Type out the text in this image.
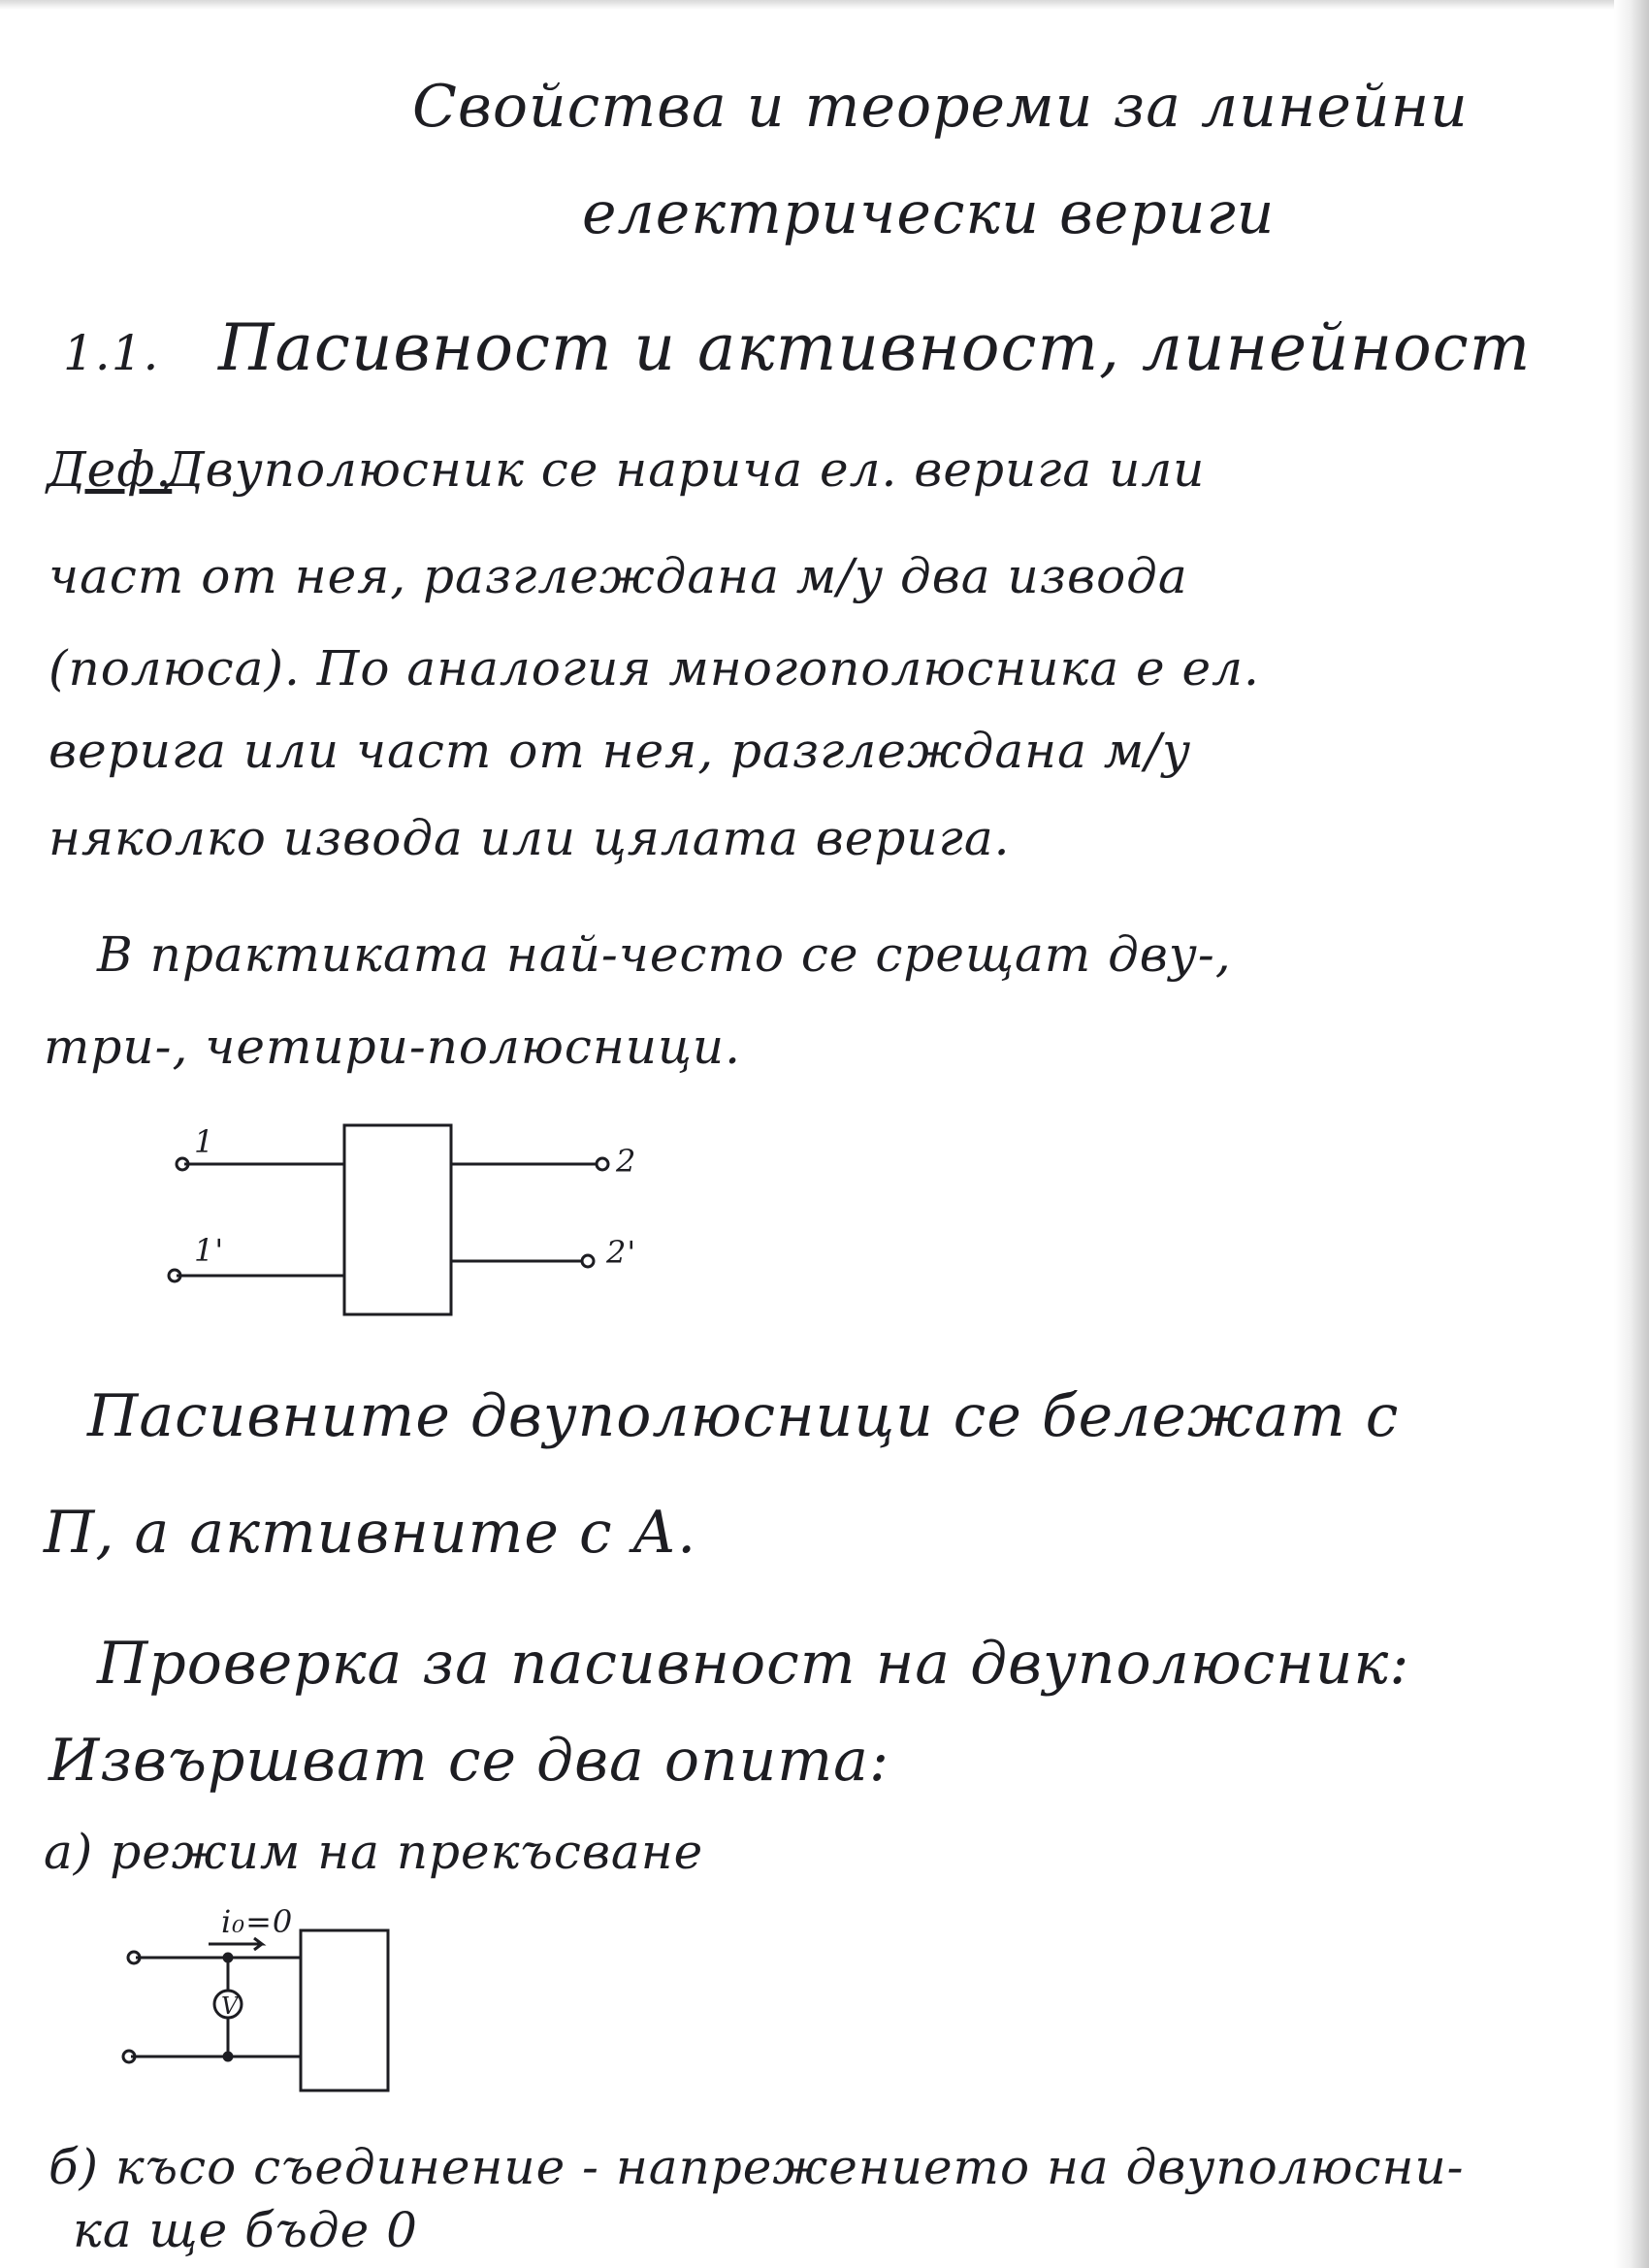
Свойства и теореми за линейни
електрически вериги
1.1. Пасивност и активност, линейност
Деф.
Двуполюсник се нарича ел. верига или
част от нея, разглеждана м/у два извода
(полюса). По аналогия многополюсника е ел.
верига или част от нея, разглеждана м/у
няколко извода или цялата верига.
В практиката най-често се срещат дву-,
три-, четири-полюсници.
1
1'
2
2'
Пасивните двуполюсници се бележат с
П, а активните с А.
Проверка за пасивност на двуполюсник:
Извършват се два опита:
а) режим на прекъсване
i₀=0
V
б) късо съединение - напрежението на двуполюсни-
ка ще бъде 0
